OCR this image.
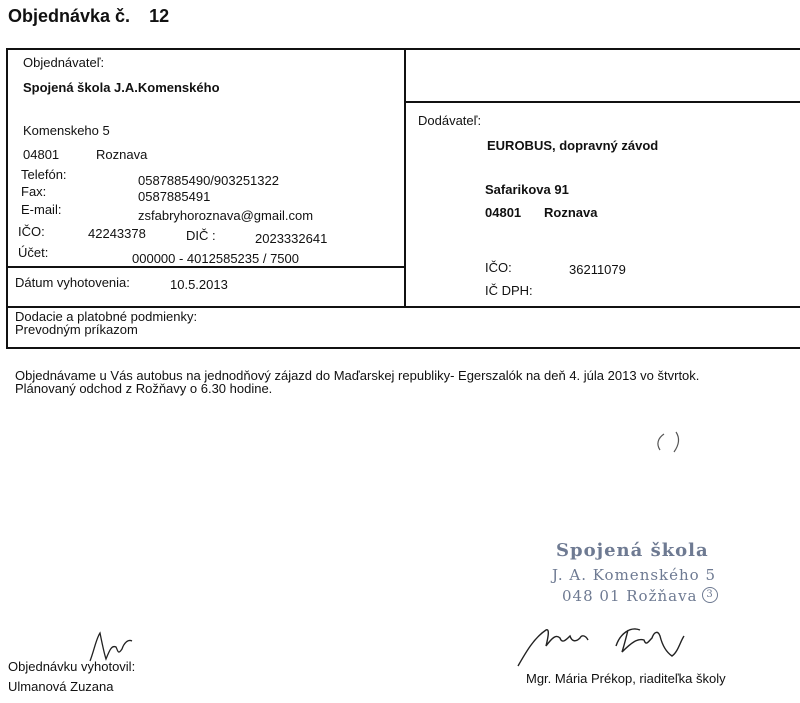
Objednávka č. 12
Objednávateľ:
Spojená škola J.A.Komenského
Komenskeho 5
04801	Roznava
Telefón:	0587885490/903251322
Fax:	0587885491
E-mail:	zsfabryhoroznava@gmail.com
IČO:	42243378	DIČ :	2023332641
Účet:	000000 - 4012585235 / 7500
Dátum vyhotovenia:	10.5.2013
Dodávateľ:
EUROBUS, dopravný závod
Safarikova 91
04801 Roznava
IČO:	36211079
IČ DPH:
Dodacie a platobné podmienky:
Prevodným príkazom
Objednávame u Vás autobus na jednodňový zájazd do Maďarskej republiky- Egerszalók na deň 4. júla 2013 vo štvrtok.
Plánovaný odchod z Rožňavy o 6.30 hodine.
Spojená škola
J. A. Komenského 5
048 01 Rožňava 3
Objednávku vyhotovil:
Ulmanová Zuzana
Mgr. Mária Prékop, riaditeľka školy
